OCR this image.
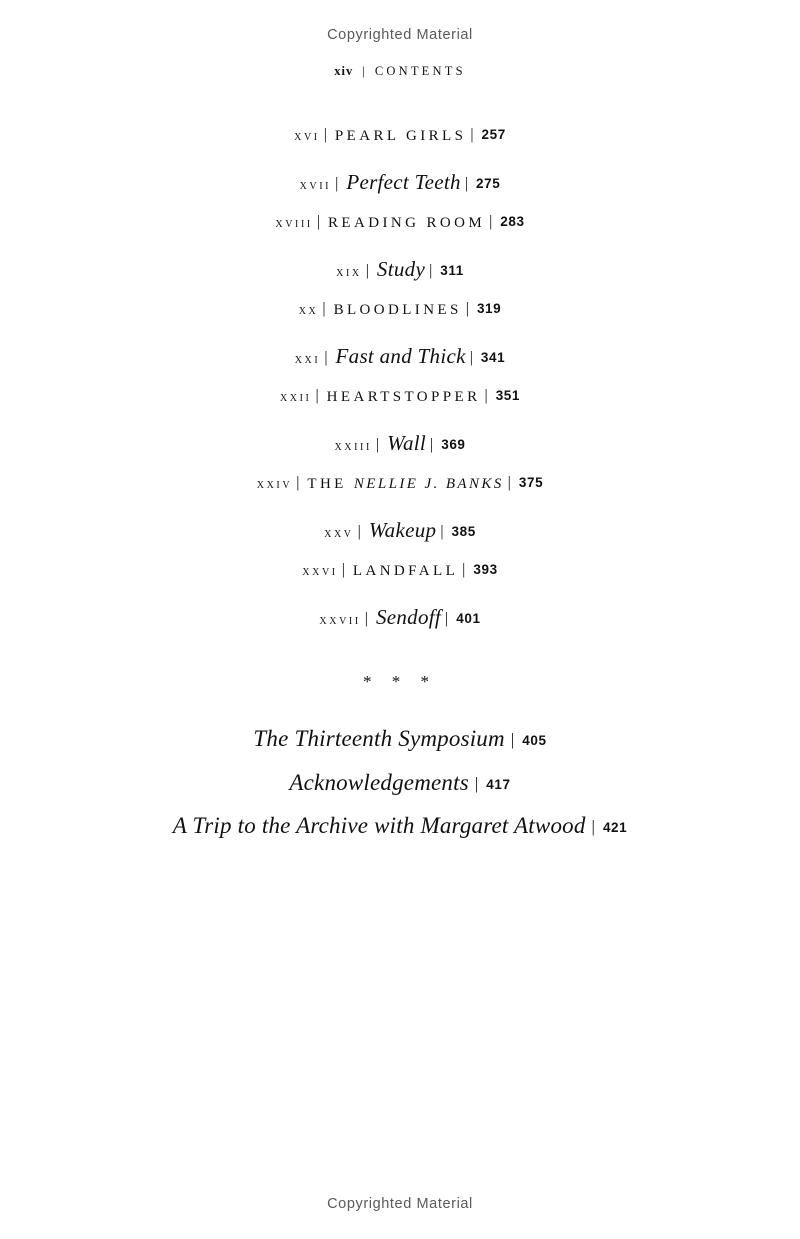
Copyrighted Material
xiv | CONTENTS
xvi | PEARL GIRLS | 257
xvii | Perfect Teeth | 275
xviii | READING ROOM | 283
xix | Study | 311
xx | BLOODLINES | 319
xxi | Fast and Thick | 341
xxii | HEARTSTOPPER | 351
xxiii | Wall | 369
xxiv | THE NELLIE J. BANKS | 375
xxv | Wakeup | 385
xxvi | LANDFALL | 393
xxvii | Sendoff | 401
* * *
The Thirteenth Symposium | 405
Acknowledgements | 417
A Trip to the Archive with Margaret Atwood | 421
Copyrighted Material
